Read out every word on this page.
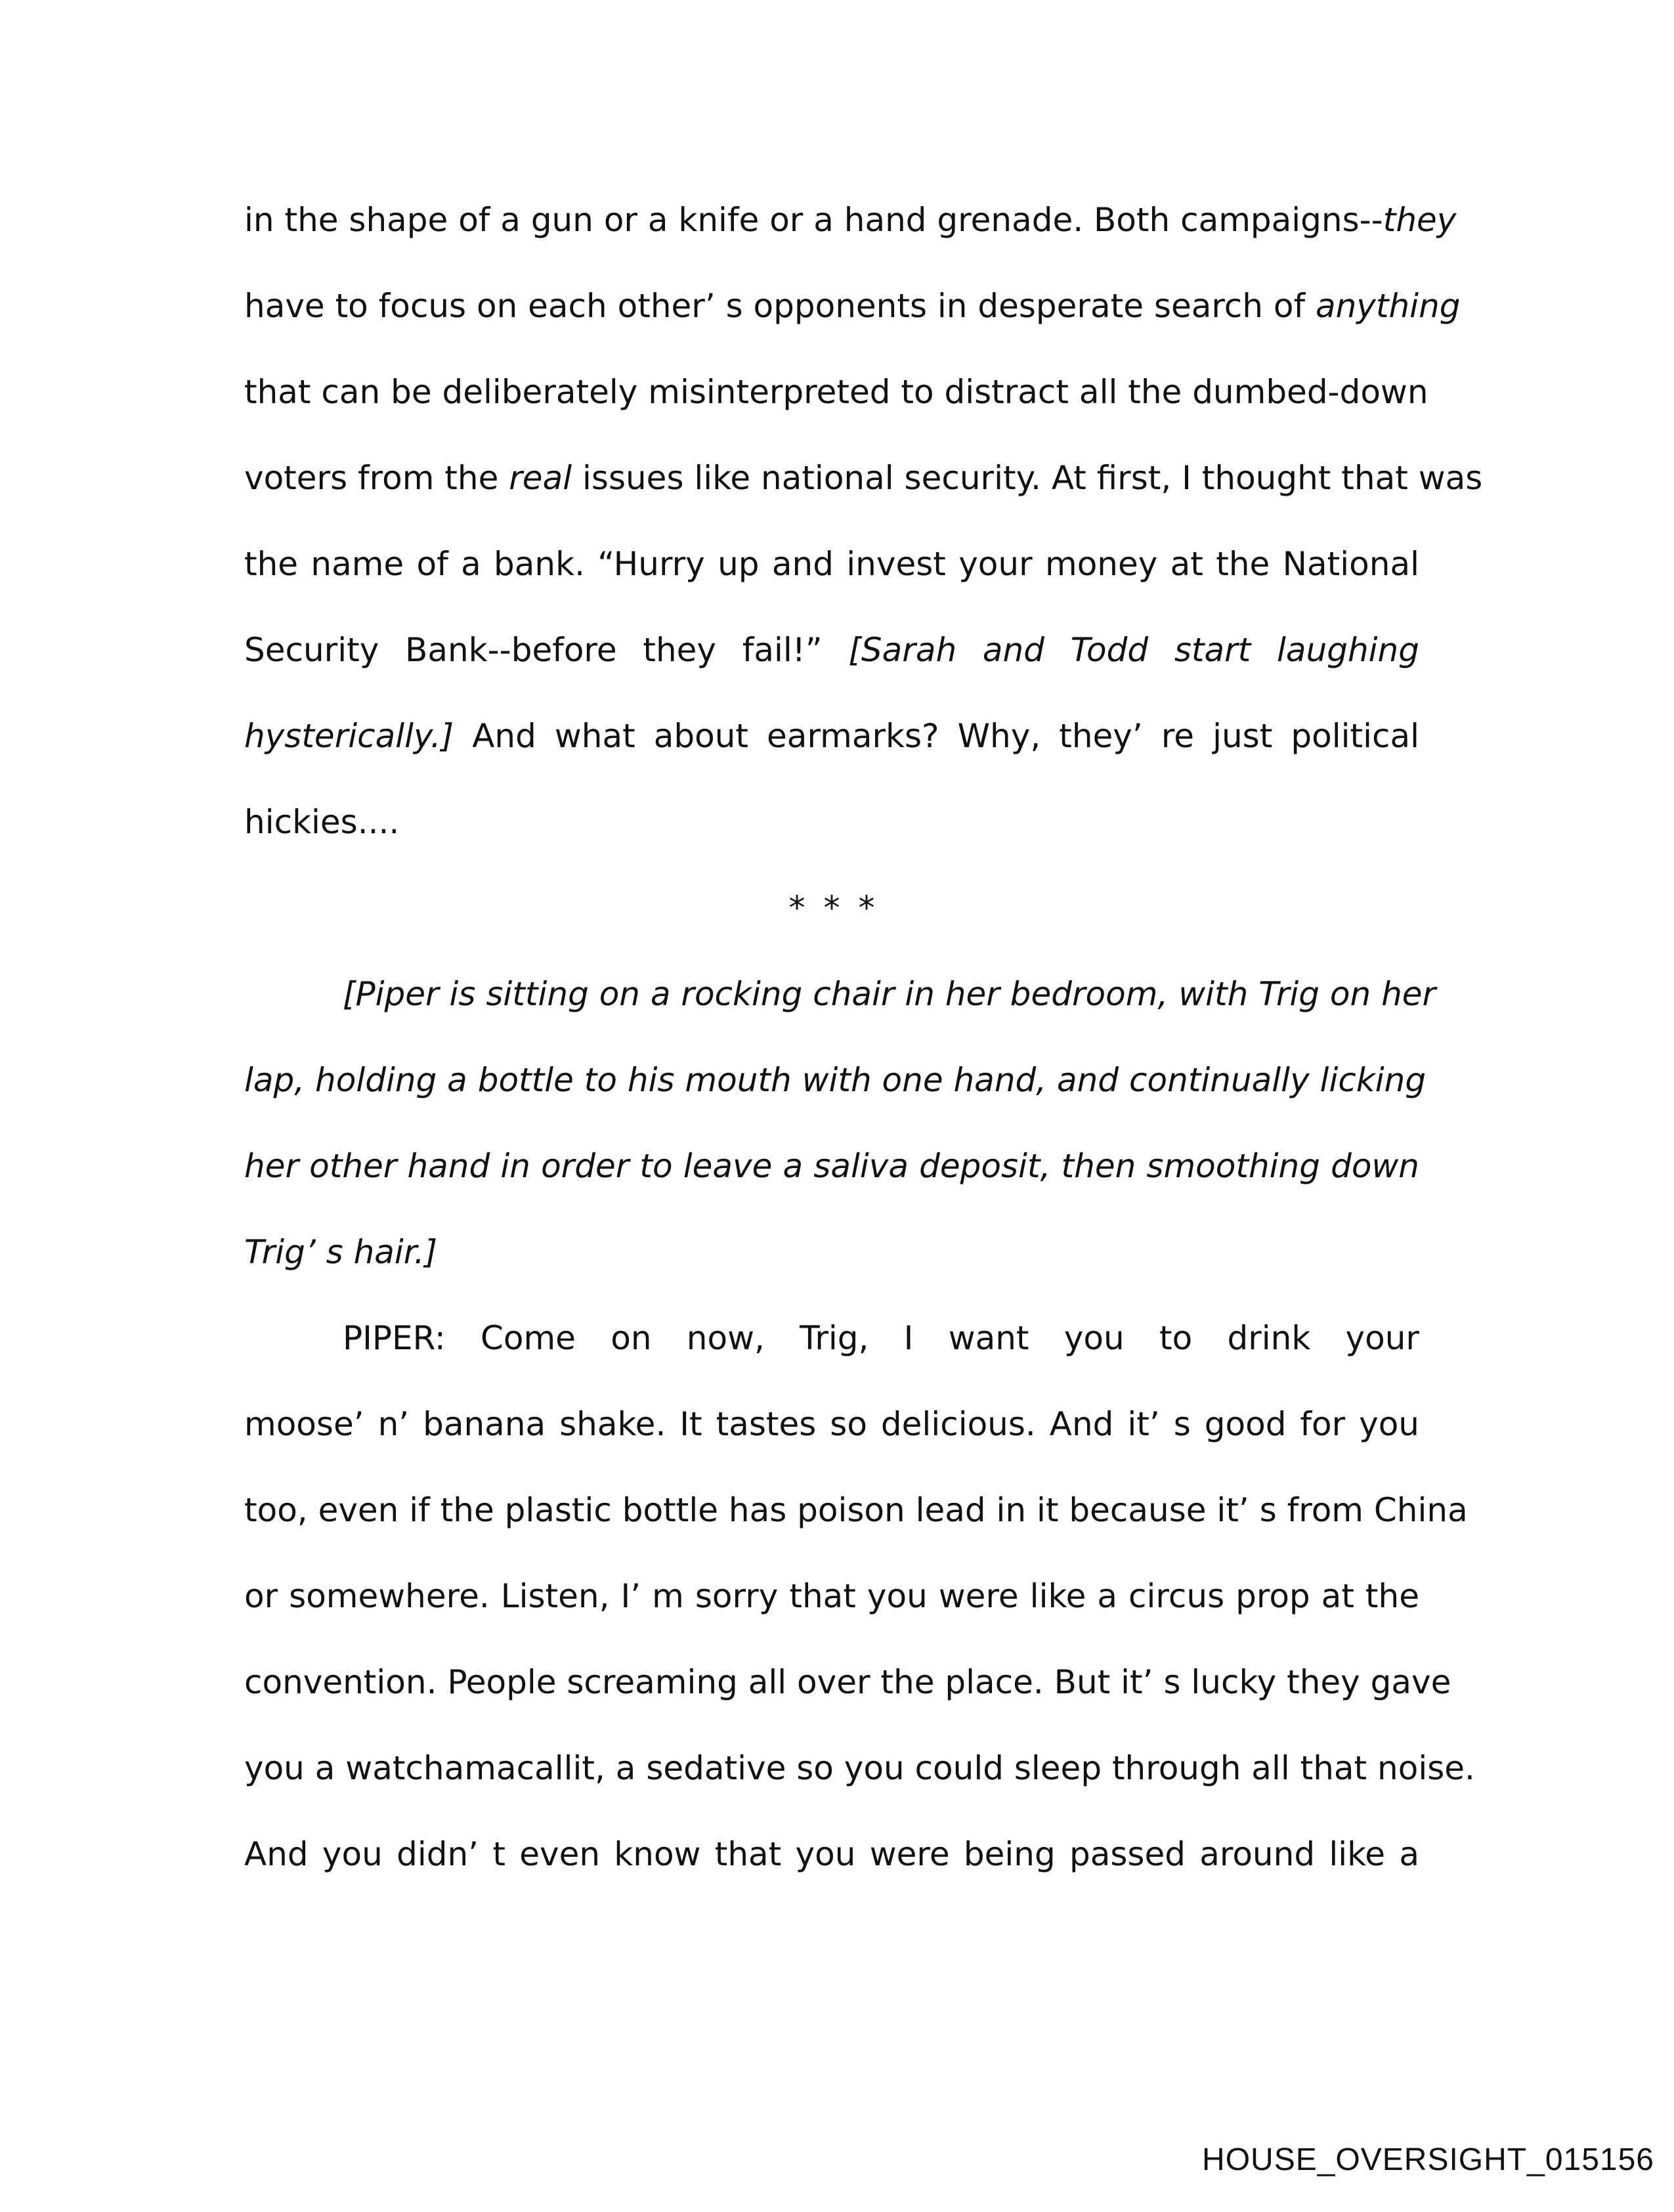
in the shape of a gun or a knife or a hand grenade. Both campaigns--they
have to focus on each other’ s opponents in desperate search of anything
that can be deliberately misinterpreted to distract all the dumbed-down
voters from the real issues like national security. At first, I thought that was
the name of a bank. “Hurry up and invest your money at the National
Security Bank--before they fail!” [Sarah and Todd start laughing
hysterically.] And what about earmarks? Why, they’ re just political
hickies....
* * *
[Piper is sitting on a rocking chair in her bedroom, with Trig on her
lap, holding a bottle to his mouth with one hand, and continually licking
her other hand in order to leave a saliva deposit, then smoothing down
Trig’ s hair.]
PIPER: Come on now, Trig, I want you to drink your
moose’ n’ banana shake. It tastes so delicious. And it’ s good for you
too, even if the plastic bottle has poison lead in it because it’ s from China
or somewhere. Listen, I’ m sorry that you were like a circus prop at the
convention. People screaming all over the place. But it’ s lucky they gave
you a watchamacallit, a sedative so you could sleep through all that noise.
And you didn’ t even know that you were being passed around like a
HOUSE_OVERSIGHT_015156
